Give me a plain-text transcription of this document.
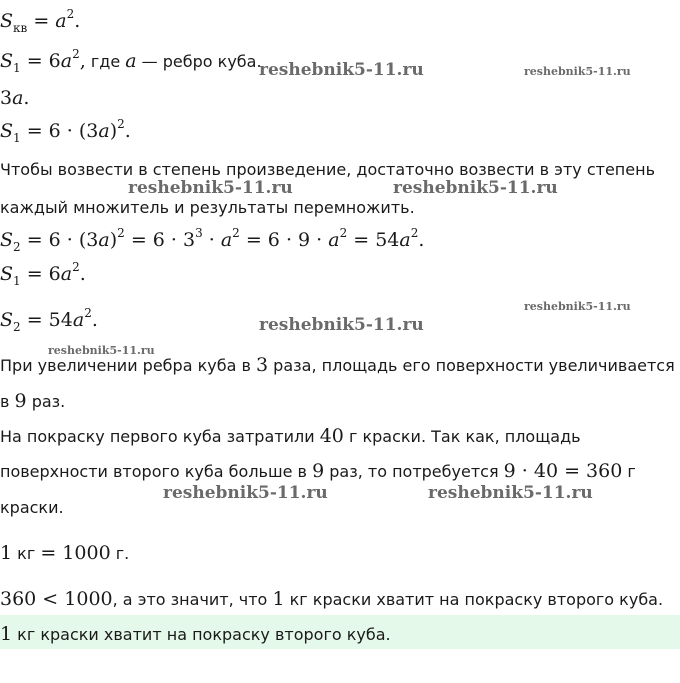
$S_{кв} = a^2$.
$S_1 = 6a^2$, где a — ребро куба.
3a.
$S_1 = 6 \cdot (3a)^2$.
Чтобы возвести в степень произведение, достаточно возвести в эту степень
каждый множитель и результаты перемножить.
$S_2 = 6 \cdot (3a)^2 = 6 \cdot 3^3 \cdot a^2 = 6 \cdot 9 \cdot a^2 = 54a^2$.
$S_1 = 6a^2$.
$S_2 = 54a^2$.
При увеличении ребра куба в 3 раза, площадь его поверхности увеличивается
в 9 раз.
На покраску первого куба затратили 40 г краски. Так как, площадь
поверхности второго куба больше в 9 раз, то потребуется 9 · 40 = 360 г
краски.
1 кг = 1000 г.
360 < 1000, а это значит, что 1 кг краски хватит на покраску второго куба.
1 кг краски хватит на покраску второго куба.
reshebnik5-11.ru	reshebnik5-11.ru
reshebnik5-11.ru	reshebnik5-11.ru
reshebnik5-11.ru
reshebnik5-11.ru
reshebnik5-11.ru
reshebnik5-11.ru	reshebnik5-11.ru
